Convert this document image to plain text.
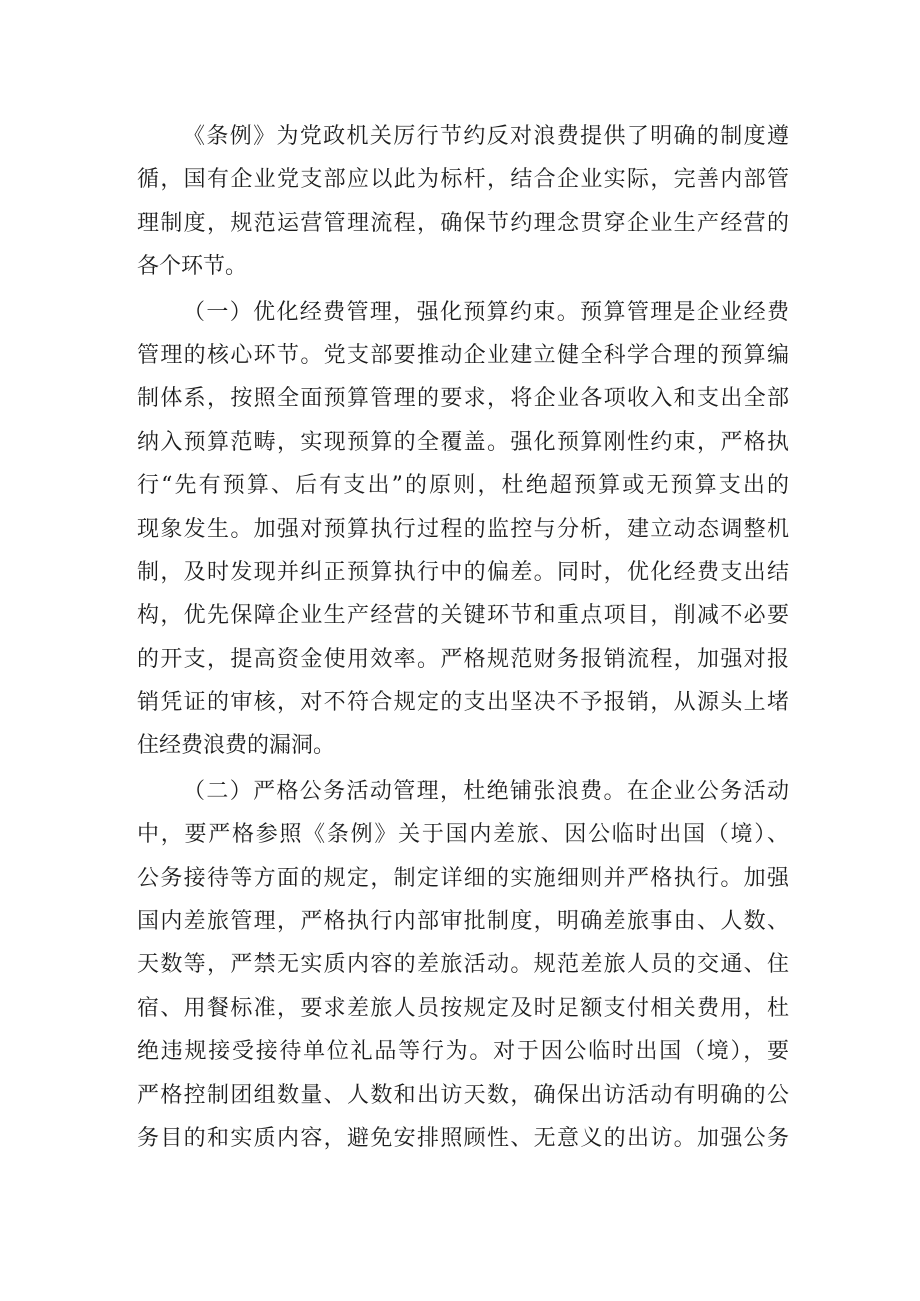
《条例》为党政机关厉行节约反对浪费提供了明确的制度遵
循，国有企业党支部应以此为标杆，结合企业实际，完善内部管
理制度，规范运营管理流程，确保节约理念贯穿企业生产经营的
各个环节。
（一）优化经费管理，强化预算约束。预算管理是企业经费
管理的核心环节。党支部要推动企业建立健全科学合理的预算编
制体系，按照全面预算管理的要求，将企业各项收入和支出全部
纳入预算范畴，实现预算的全覆盖。强化预算刚性约束，严格执
行“先有预算、后有支出”的原则，杜绝超预算或无预算支出的
现象发生。加强对预算执行过程的监控与分析，建立动态调整机
制，及时发现并纠正预算执行中的偏差。同时，优化经费支出结
构，优先保障企业生产经营的关键环节和重点项目，削减不必要
的开支，提高资金使用效率。严格规范财务报销流程，加强对报
销凭证的审核，对不符合规定的支出坚决不予报销，从源头上堵
住经费浪费的漏洞。
（二）严格公务活动管理，杜绝铺张浪费。在企业公务活动
中，要严格参照《条例》关于国内差旅、因公临时出国（境）、
公务接待等方面的规定，制定详细的实施细则并严格执行。加强
国内差旅管理，严格执行内部审批制度，明确差旅事由、人数、
天数等，严禁无实质内容的差旅活动。规范差旅人员的交通、住
宿、用餐标准，要求差旅人员按规定及时足额支付相关费用，杜
绝违规接受接待单位礼品等行为。对于因公临时出国（境），要
严格控制团组数量、人数和出访天数，确保出访活动有明确的公
务目的和实质内容，避免安排照顾性、无意义的出访。加强公务
